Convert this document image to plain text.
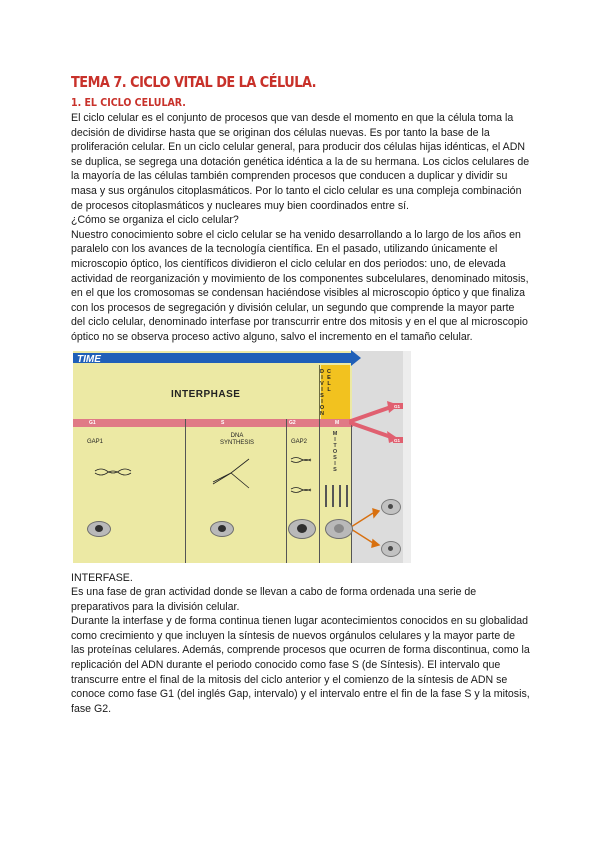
TEMA 7. CICLO VITAL DE LA CÉLULA.
1. EL CICLO CELULAR.

El ciclo celular es el conjunto de procesos que van desde el momento en que la célula toma la decisión de dividirse hasta que se originan dos células nuevas. Es por tanto la base de la proliferación celular. En un ciclo celular general, para producir dos células hijas idénticas, el ADN se duplica, se segrega una dotación genética idéntica a la de su hermana. Los ciclos celulares de la mayoría de las células también comprenden procesos que conducen a duplicar y dividir su masa y sus orgánulos citoplasmáticos. Por lo tanto el ciclo celular es una compleja combinación de procesos citoplasmáticos y nucleares muy bien coordinados entre sí.

¿Cómo se organiza el ciclo celular?

Nuestro conocimiento sobre el ciclo celular se ha venido desarrollando a lo largo de los años en paralelo con los avances de la tecnología científica. En el pasado, utilizando únicamente el microscopio óptico, los científicos dividieron el ciclo celular en dos periodos: uno, de elevada actividad de reorganización y movimiento de los componentes subcelulares, denominado mitosis, en el que los cromosomas se condensan haciéndose visibles al microscopio óptico y que finaliza con los procesos de segregación y división celular, un segundo que comprende la mayor parte del ciclo celular, denominado interfase por transcurrir entre dos mitosis y en el que al microscopio óptico no se observa proceso activo alguno, salvo el incremento en el tamaño celular.

TIME
INTERPHASE
CELL DIVISION
G1	S	G2	M
GAP1
DNA SYNTHESIS	GAP2	MITOSIS
G1
G1

INTERFASE.

Es una fase de gran actividad donde se llevan a cabo de forma ordenada una serie de preparativos para la división celular.

Durante la interfase y de forma continua tienen lugar acontecimientos conocidos en su globalidad como crecimiento y que incluyen la síntesis de nuevos orgánulos celulares y la mayor parte de las proteínas celulares. Además, comprende procesos que ocurren de forma discontinua, como la replicación del ADN durante el periodo conocido como fase S (de Síntesis). El intervalo que transcurre entre el final de la mitosis del ciclo anterior y el comienzo de la síntesis de ADN se conoce como fase G1 (del inglés Gap, intervalo) y el intervalo entre el fin de la fase S y la mitosis, fase G2.
